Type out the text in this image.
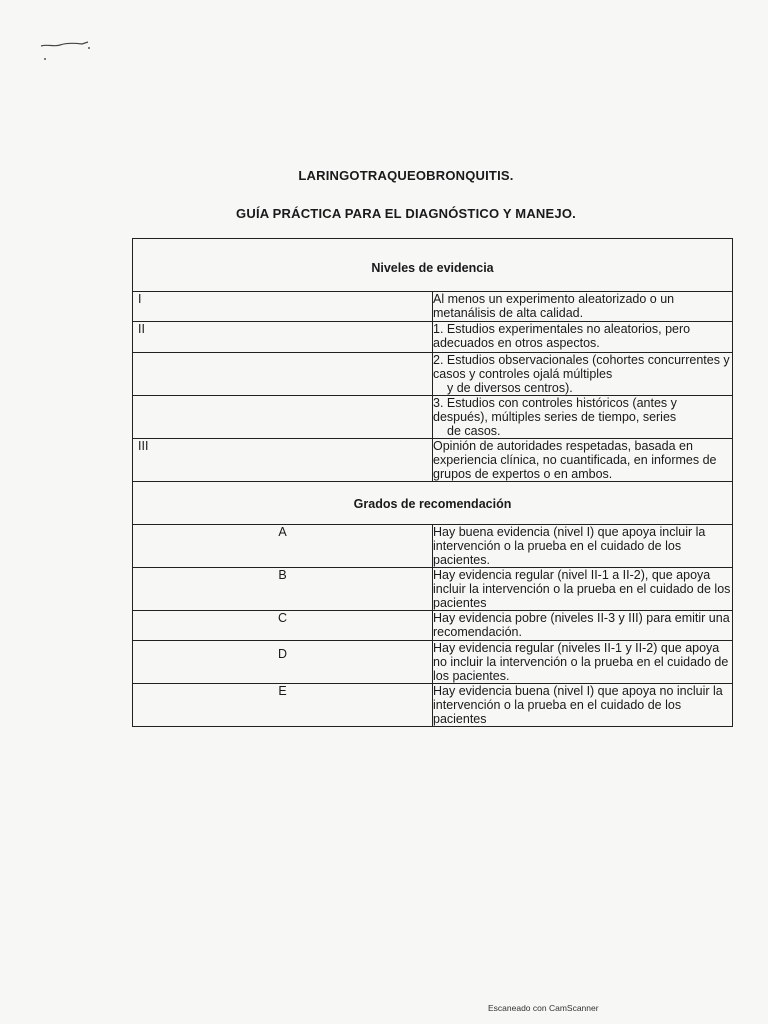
LARINGOTRAQUEOBRONQUITIS.
GUÍA PRÁCTICA PARA EL DIAGNÓSTICO Y MANEJO.
Niveles de evidencia	
I	Al menos un experimento aleatorizado o un metanálisis de alta calidad.
II	1. Estudios experimentales no aleatorios, pero adecuados en otros aspectos.
	2. Estudios observacionales (cohortes concurrentes y casos y controles ojalá múltiples
y de diversos centros).
	3. Estudios con controles históricos (antes y después), múltiples series de tiempo, series
de casos.
III	Opinión de autoridades respetadas, basada en experiencia clínica, no cuantificada, en informes de grupos de expertos o en ambos.
Grados de recomendación	
A	Hay buena evidencia (nivel I) que apoya incluir la intervención o la prueba en el cuidado de los pacientes.
B	Hay evidencia regular (nivel II-1 a II-2), que apoya incluir la intervención o la prueba en el cuidado de los pacientes
C	Hay evidencia pobre (niveles II-3 y III) para emitir una recomendación.
D	Hay evidencia regular (niveles II-1 y II-2) que apoya no incluir la intervención o la prueba en el cuidado de los pacientes.
E	Hay evidencia buena (nivel I) que apoya no incluir la intervención o la prueba en el cuidado de los pacientes
Escaneado con CamScanner
